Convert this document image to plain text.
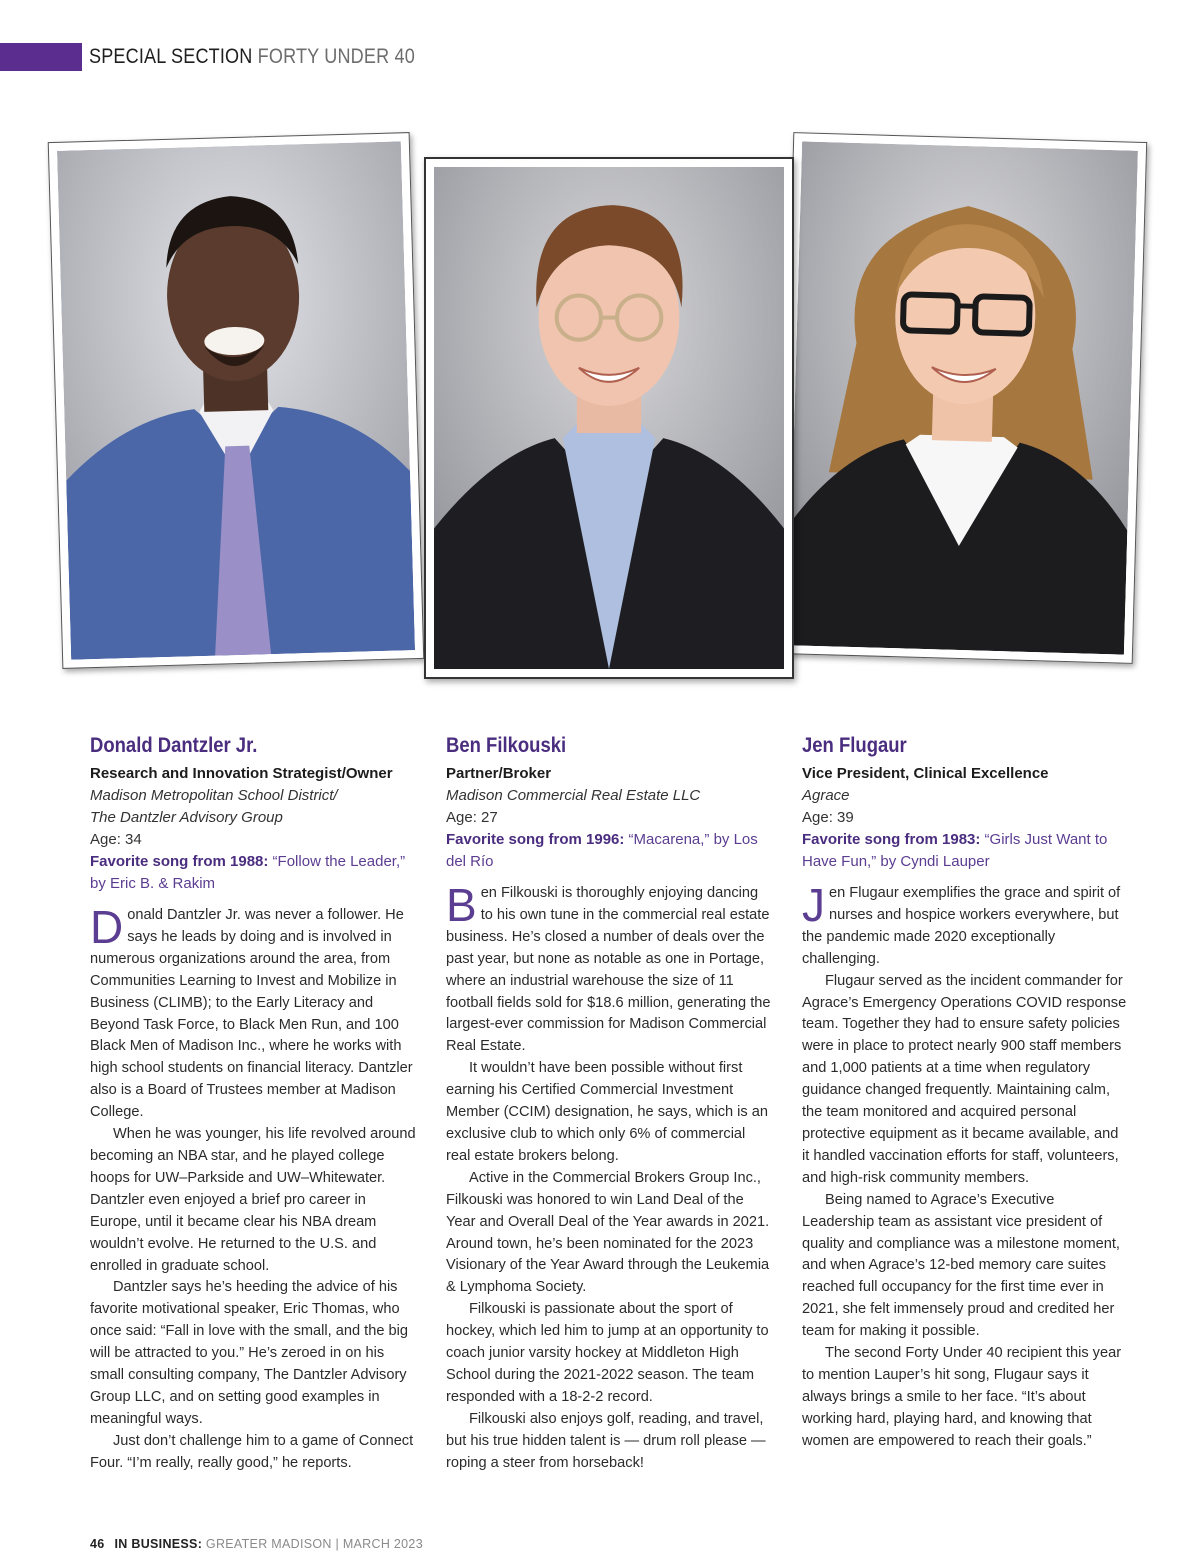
SPECIAL SECTION FORTY UNDER 40
Donald Dantzler Jr.
Research and Innovation Strategist/Owner
Madison Metropolitan School District/
The Dantzler Advisory Group
Age: 34
Favorite song from 1988: “Follow the Leader,” by Eric B. & Rakim

Donald Dantzler Jr. was never a follower. He says he leads by doing and is involved in numerous organizations around the area, from Communities Learning to Invest and Mobilize in Business (CLIMB); to the Early Literacy and Beyond Task Force, to Black Men Run, and 100 Black Men of Madison Inc., where he works with high school students on financial literacy. Dantzler also is a Board of Trustees member at Madison College.

When he was younger, his life revolved around becoming an NBA star, and he played college hoops for UW–Parkside and UW–Whitewater. Dantzler even enjoyed a brief pro career in Europe, until it became clear his NBA dream wouldn’t evolve. He returned to the U.S. and enrolled in graduate school.

Dantzler says he’s heeding the advice of his favorite motivational speaker, Eric Thomas, who once said: “Fall in love with the small, and the big will be attracted to you.” He’s zeroed in on his small consulting company, The Dantzler Advisory Group LLC, and on setting good examples in meaningful ways.

Just don’t challenge him to a game of Connect Four. “I’m really, really good,” he reports.

Ben Filkouski
Partner/Broker
Madison Commercial Real Estate LLC
Age: 27
Favorite song from 1996: “Macarena,” by Los del Río

Ben Filkouski is thoroughly enjoying dancing to his own tune in the commercial real estate business. He’s closed a number of deals over the past year, but none as notable as one in Portage, where an industrial warehouse the size of 11 football fields sold for $18.6 million, generating the largest-ever commission for Madison Commercial Real Estate.

It wouldn’t have been possible without first earning his Certified Commercial Investment Member (CCIM) designation, he says, which is an exclusive club to which only 6% of commercial real estate brokers belong.

Active in the Commercial Brokers Group Inc., Filkouski was honored to win Land Deal of the Year and Overall Deal of the Year awards in 2021. Around town, he’s been nominated for the 2023 Visionary of the Year Award through the Leukemia & Lymphoma Society.

Filkouski is passionate about the sport of hockey, which led him to jump at an opportunity to coach junior varsity hockey at Middleton High School during the 2021-2022 season. The team responded with a 18-2-2 record.

Filkouski also enjoys golf, reading, and travel, but his true hidden talent is — drum roll please — roping a steer from horseback!

Jen Flugaur
Vice President, Clinical Excellence
Agrace
Age: 39
Favorite song from 1983: “Girls Just Want to Have Fun,” by Cyndi Lauper

Jen Flugaur exemplifies the grace and spirit of nurses and hospice workers everywhere, but the pandemic made 2020 exceptionally challenging.

Flugaur served as the incident commander for Agrace’s Emergency Operations COVID response team. Together they had to ensure safety policies were in place to protect nearly 900 staff members and 1,000 patients at a time when regulatory guidance changed frequently. Maintaining calm, the team monitored and acquired personal protective equipment as it became available, and it handled vaccination efforts for staff, volunteers, and high-risk community members.

Being named to Agrace’s Executive Leadership team as assistant vice president of quality and compliance was a milestone moment, and when Agrace’s 12-bed memory care suites reached full occupancy for the first time ever in 2021, she felt immensely proud and credited her team for making it possible.

The second Forty Under 40 recipient this year to mention Lauper’s hit song, Flugaur says it always brings a smile to her face. “It’s about working hard, playing hard, and knowing that women are empowered to reach their goals.”

46 IN BUSINESS: GREATER MADISON | MARCH 2023
